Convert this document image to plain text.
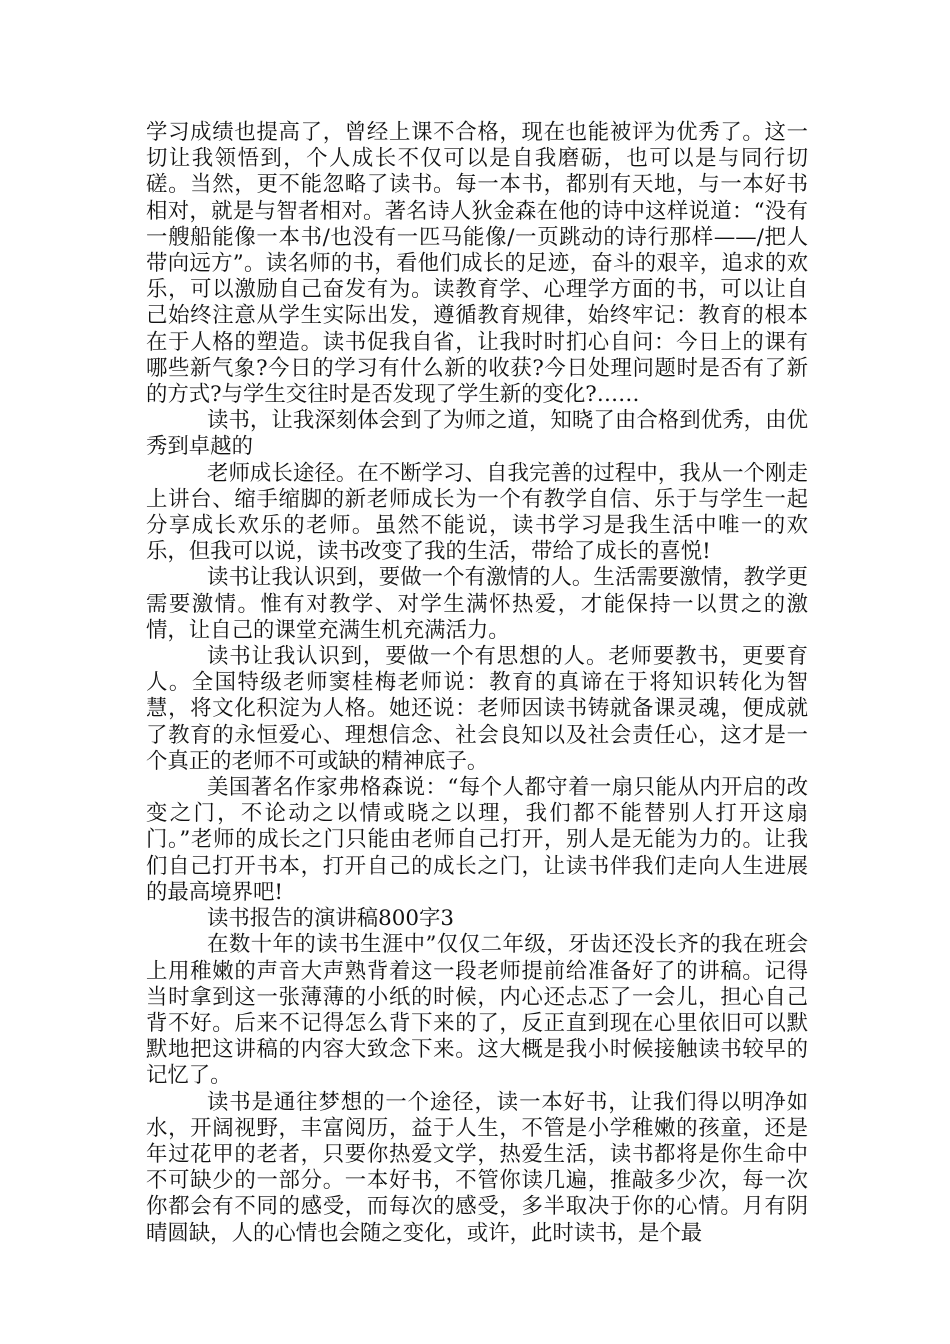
学习成绩也提高了，曾经上课不合格，现在也能被评为优秀了。这一切让我领悟到，个人成长不仅可以是自我磨砺，也可以是与同行切磋。当然，更不能忽略了读书。每一本书，都别有天地，与一本好书相对，就是与智者相对。著名诗人狄金森在他的诗中这样说道：“没有一艘船能像一本书/也没有一匹马能像/一页跳动的诗行那样——/把人带向远方”。读名师的书，看他们成长的足迹，奋斗的艰辛，追求的欢乐，可以激励自己奋发有为。读教育学、心理学方面的书，可以让自己始终注意从学生实际出发，遵循教育规律，始终牢记：教育的根本在于人格的塑造。读书促我自省，让我时时扪心自问：今日上的课有哪些新气象?今日的学习有什么新的收获?今日处理问题时是否有了新的方式?与学生交往时是否发现了学生新的变化?……

读书，让我深刻体会到了为师之道，知晓了由合格到优秀，由优秀到卓越的

老师成长途径。在不断学习、自我完善的过程中，我从一个刚走上讲台、缩手缩脚的新老师成长为一个有教学自信、乐于与学生一起分享成长欢乐的老师。虽然不能说，读书学习是我生活中唯一的欢乐，但我可以说，读书改变了我的生活，带给了成长的喜悦!

读书让我认识到，要做一个有激情的人。生活需要激情，教学更需要激情。惟有对教学、对学生满怀热爱，才能保持一以贯之的激情，让自己的课堂充满生机充满活力。

读书让我认识到，要做一个有思想的人。老师要教书，更要育人。全国特级老师窦桂梅老师说：教育的真谛在于将知识转化为智慧，将文化积淀为人格。她还说：老师因读书铸就备课灵魂，便成就了教育的永恒爱心、理想信念、社会良知以及社会责任心，这才是一个真正的老师不可或缺的精神底子。

美国著名作家弗格森说：“每个人都守着一扇只能从内开启的改变之门，不论动之以情或晓之以理，我们都不能替别人打开这扇门。”老师的成长之门只能由老师自己打开，别人是无能为力的。让我们自己打开书本，打开自己的成长之门，让读书伴我们走向人生进展的最高境界吧!

读书报告的演讲稿800字3

在数十年的读书生涯中”仅仅二年级，牙齿还没长齐的我在班会上用稚嫩的声音大声熟背着这一段老师提前给准备好了的讲稿。记得当时拿到这一张薄薄的小纸的时候，内心还忐忑了一会儿，担心自己背不好。后来不记得怎么背下来的了，反正直到现在心里依旧可以默默地把这讲稿的内容大致念下来。这大概是我小时候接触读书较早的记忆了。

读书是通往梦想的一个途径，读一本好书，让我们得以明净如水，开阔视野，丰富阅历，益于人生，不管是小学稚嫩的孩童，还是年过花甲的老者，只要你热爱文学，热爱生活，读书都将是你生命中不可缺少的一部分。一本好书，不管你读几遍，推敲多少次，每一次你都会有不同的感受，而每次的感受，多半取决于你的心情。月有阴晴圆缺，人的心情也会随之变化，或许，此时读书，是个最
